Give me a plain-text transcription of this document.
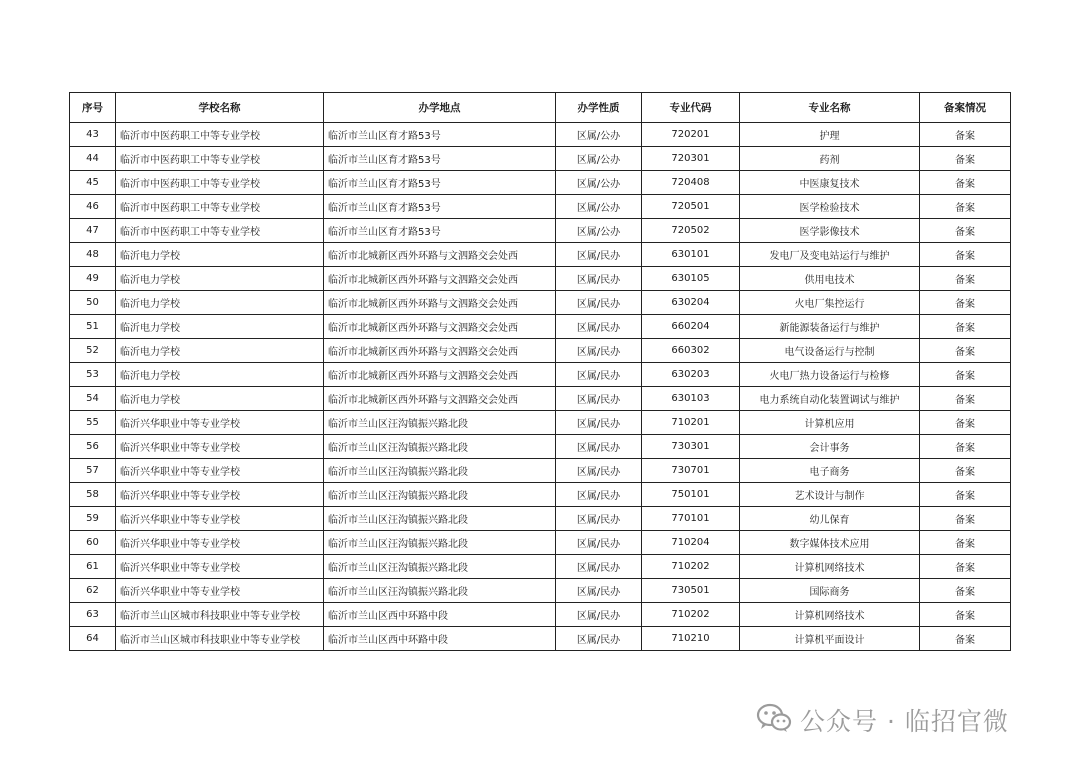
序号	学校名称	办学地点	办学性质	专业代码	专业名称	备案情况
43	临沂市中医药职工中等专业学校	临沂市兰山区育才路53号	区属/公办	720201	护理	备案
44	临沂市中医药职工中等专业学校	临沂市兰山区育才路53号	区属/公办	720301	药剂	备案
45	临沂市中医药职工中等专业学校	临沂市兰山区育才路53号	区属/公办	720408	中医康复技术	备案
46	临沂市中医药职工中等专业学校	临沂市兰山区育才路53号	区属/公办	720501	医学检验技术	备案
47	临沂市中医药职工中等专业学校	临沂市兰山区育才路53号	区属/公办	720502	医学影像技术	备案
48	临沂电力学校	临沂市北城新区西外环路与文泗路交会处西	区属/民办	630101	发电厂及变电站运行与维护	备案
49	临沂电力学校	临沂市北城新区西外环路与文泗路交会处西	区属/民办	630105	供用电技术	备案
50	临沂电力学校	临沂市北城新区西外环路与文泗路交会处西	区属/民办	630204	火电厂集控运行	备案
51	临沂电力学校	临沂市北城新区西外环路与文泗路交会处西	区属/民办	660204	新能源装备运行与维护	备案
52	临沂电力学校	临沂市北城新区西外环路与文泗路交会处西	区属/民办	660302	电气设备运行与控制	备案
53	临沂电力学校	临沂市北城新区西外环路与文泗路交会处西	区属/民办	630203	火电厂热力设备运行与检修	备案
54	临沂电力学校	临沂市北城新区西外环路与文泗路交会处西	区属/民办	630103	电力系统自动化装置调试与维护	备案
55	临沂兴华职业中等专业学校	临沂市兰山区汪沟镇振兴路北段	区属/民办	710201	计算机应用	备案
56	临沂兴华职业中等专业学校	临沂市兰山区汪沟镇振兴路北段	区属/民办	730301	会计事务	备案
57	临沂兴华职业中等专业学校	临沂市兰山区汪沟镇振兴路北段	区属/民办	730701	电子商务	备案
58	临沂兴华职业中等专业学校	临沂市兰山区汪沟镇振兴路北段	区属/民办	750101	艺术设计与制作	备案
59	临沂兴华职业中等专业学校	临沂市兰山区汪沟镇振兴路北段	区属/民办	770101	幼儿保育	备案
60	临沂兴华职业中等专业学校	临沂市兰山区汪沟镇振兴路北段	区属/民办	710204	数字媒体技术应用	备案
61	临沂兴华职业中等专业学校	临沂市兰山区汪沟镇振兴路北段	区属/民办	710202	计算机网络技术	备案
62	临沂兴华职业中等专业学校	临沂市兰山区汪沟镇振兴路北段	区属/民办	730501	国际商务	备案
63	临沂市兰山区城市科技职业中等专业学校	临沂市兰山区西中环路中段	区属/民办	710202	计算机网络技术	备案
64	临沂市兰山区城市科技职业中等专业学校	临沂市兰山区西中环路中段	区属/民办	710210	计算机平面设计	备案
公众号 · 临招官微
